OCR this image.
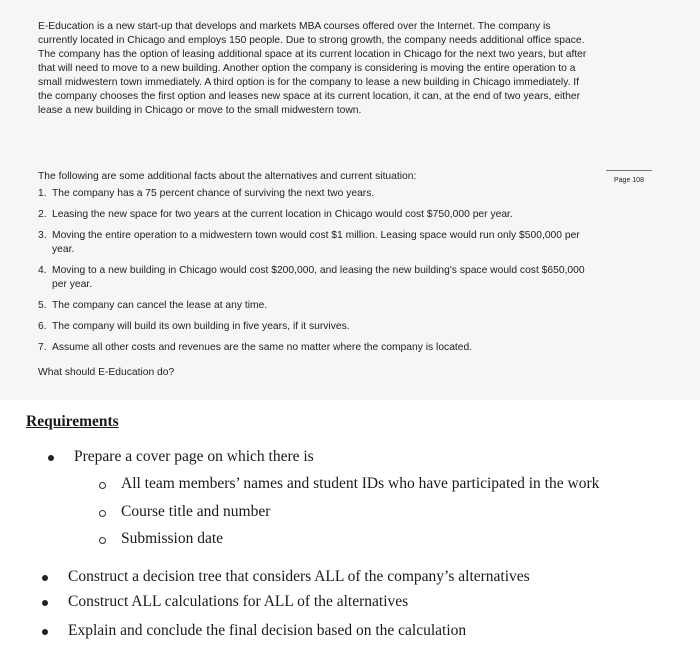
E-Education is a new start-up that develops and markets MBA courses offered over the Internet. The company is
currently located in Chicago and employs 150 people. Due to strong growth, the company needs additional office space.
The company has the option of leasing additional space at its current location in Chicago for the next two years, but after
that will need to move to a new building. Another option the company is considering is moving the entire operation to a
small midwestern town immediately. A third option is for the company to lease a new building in Chicago immediately. If
the company chooses the first option and leases new space at its current location, it can, at the end of two years, either
lease a new building in Chicago or move to the small midwestern town.
The following are some additional facts about the alternatives and current situation:	Page 108
1. The company has a 75 percent chance of surviving the next two years.
2. Leasing the new space for two years at the current location in Chicago would cost $750,000 per year.
3. Moving the entire operation to a midwestern town would cost $1 million. Leasing space would run only $500,000 per
year.
4. Moving to a new building in Chicago would cost $200,000, and leasing the new building's space would cost $650,000
per year.
5. The company can cancel the lease at any time.
6. The company will build its own building in five years, if it survives.
7. Assume all other costs and revenues are the same no matter where the company is located.
What should E-Education do?
Requirements
Prepare a cover page on which there is
All team members’ names and student IDs who have participated in the work
Course title and number
Submission date
Construct a decision tree that considers ALL of the company’s alternatives
Construct ALL calculations for ALL of the alternatives
Explain and conclude the final decision based on the calculation
